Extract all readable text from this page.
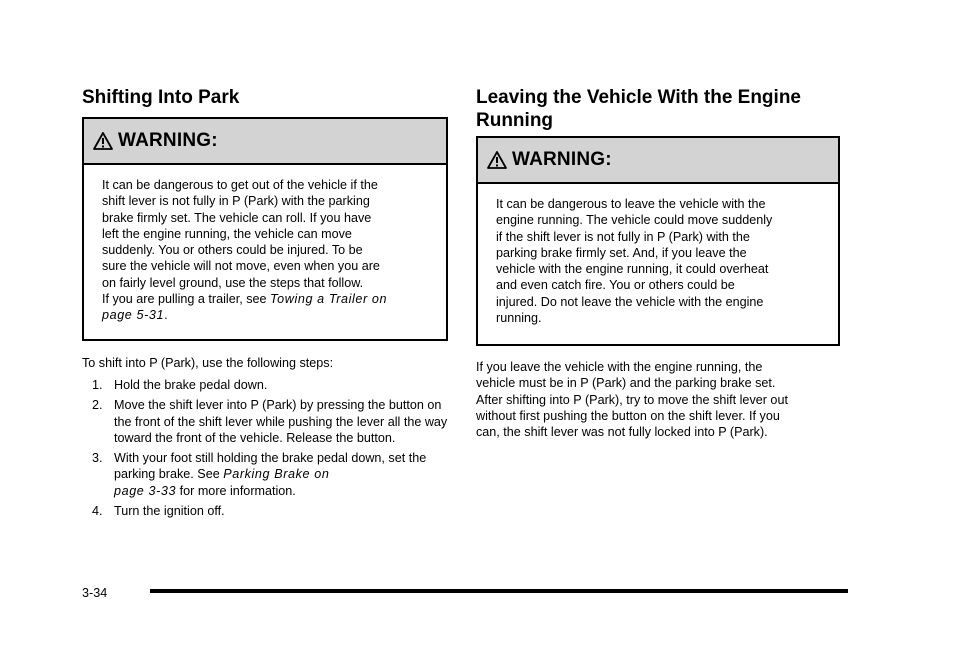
Shifting Into Park
WARNING:

It can be dangerous to get out of the vehicle if the

shift lever is not fully in P (Park) with the parking

brake firmly set. The vehicle can roll. If you have

left the engine running, the vehicle can move

suddenly. You or others could be injured. To be

sure the vehicle will not move, even when you are

on fairly level ground, use the steps that follow.

If you are pulling a trailer, see Towing a Trailer on

page 5-31.

To shift into P (Park), use the following steps:

1. Hold the brake pedal down.
2. Move the shift lever into P (Park) by pressing the button on the front of the shift lever while pushing the lever all the way toward the front of the vehicle. Release the button.
3. With your foot still holding the brake pedal down, set the parking brake. See Parking Brake on
page 3-33 for more information.
4. Turn the ignition off.
Leaving the Vehicle With the Engine
Running
WARNING:

It can be dangerous to leave the vehicle with the

engine running. The vehicle could move suddenly

if the shift lever is not fully in P (Park) with the

parking brake firmly set. And, if you leave the

vehicle with the engine running, it could overheat

and even catch fire. You or others could be

injured. Do not leave the vehicle with the engine

running.

If you leave the vehicle with the engine running, the
vehicle must be in P (Park) and the parking brake set.
After shifting into P (Park), try to move the shift lever out
without first pushing the button on the shift lever. If you
can, the shift lever was not fully locked into P (Park).
3-34
